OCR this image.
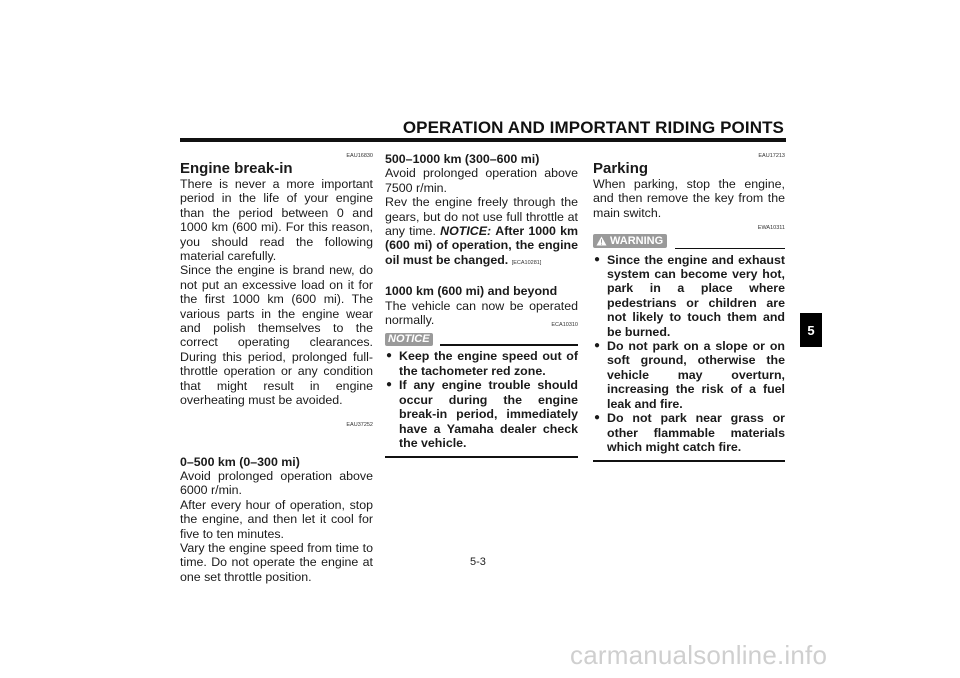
OPERATION AND IMPORTANT RIDING POINTS
EAU16830
Engine break-in
There is never a more important period in the life of your engine than the period between 0 and 1000 km (600 mi). For this reason, you should read the following material carefully.
Since the engine is brand new, do not put an excessive load on it for the first 1000 km (600 mi). The various parts in the engine wear and polish themselves to the correct operating clearances. During this period, prolonged full-throttle operation or any condition that might result in engine overheating must be avoided.
EAU37252
0–500 km (0–300 mi)
Avoid prolonged operation above 6000 r/min.
After every hour of operation, stop the engine, and then let it cool for five to ten minutes.
Vary the engine speed from time to time. Do not operate the engine at one set throttle position.
500–1000 km (300–600 mi)
Avoid prolonged operation above 7500 r/min.
Rev the engine freely through the gears, but do not use full throttle at any time. NOTICE: After 1000 km (600 mi) of operation, the engine oil must be changed. [ECA10281]
1000 km (600 mi) and beyond
The vehicle can now be operated normally.
NOTICE
ECA10310
● Keep the engine speed out of the tachometer red zone.
● If any engine trouble should occur during the engine break-in period, immediately have a Yamaha dealer check the vehicle.
EAU17213
Parking
When parking, stop the engine, and then remove the key from the main switch.
EWA10311
WARNING
● Since the engine and exhaust system can become very hot, park in a place where pedestrians or children are not likely to touch them and be burned.
● Do not park on a slope or on soft ground, otherwise the vehicle may overturn, increasing the risk of a fuel leak and fire.
● Do not park near grass or other flammable materials which might catch fire.
5-3
5
carmanualsonline.info
